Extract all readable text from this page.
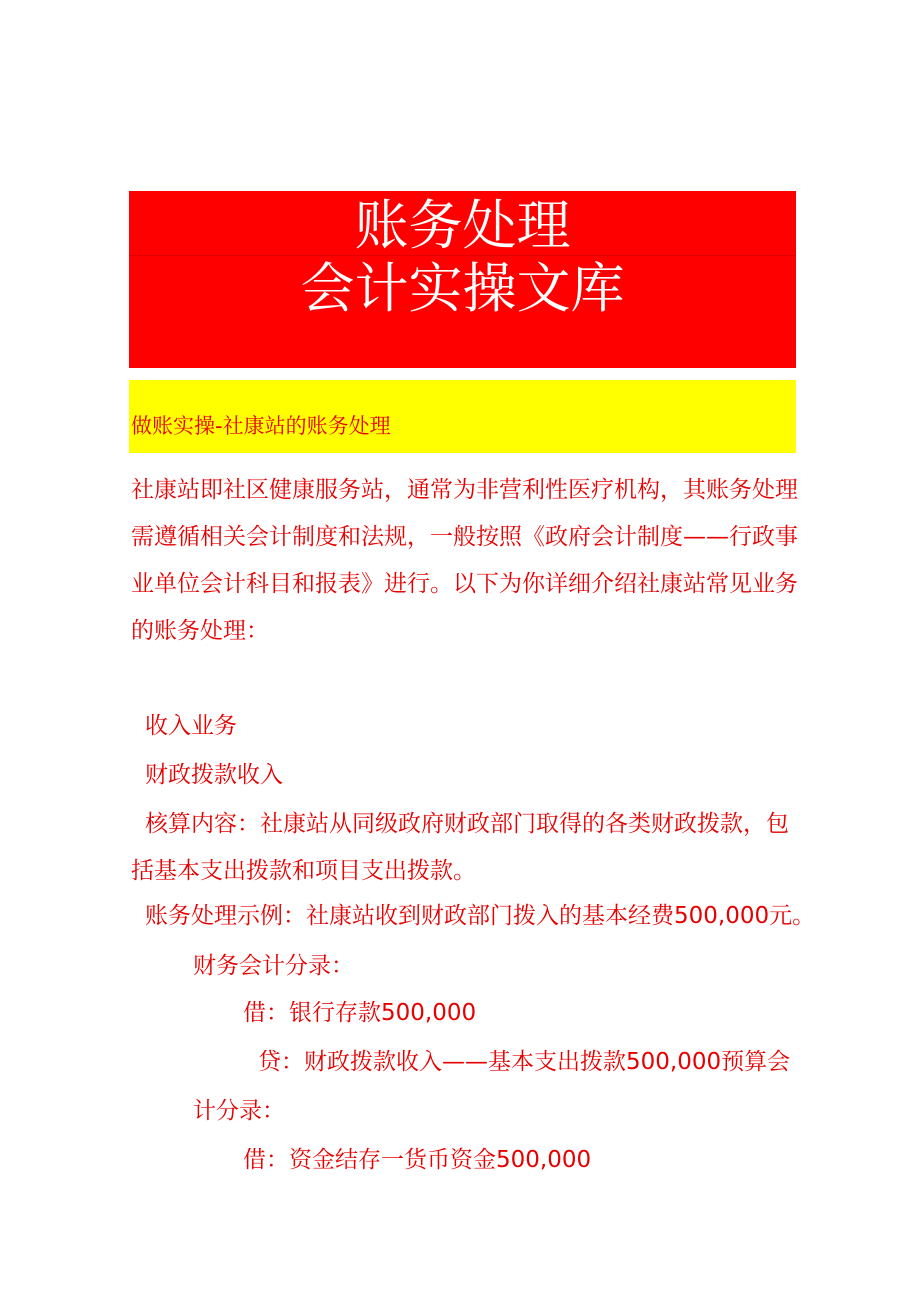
账务处理
会计实操文库
做账实操-社康站的账务处理
社康站即社区健康服务站，通常为非营利性医疗机构，其账务处理需遵循相关会计制度和法规，一般按照《政府会计制度——行政事业单位会计科目和报表》进行。以下为你详细介绍社康站常见业务的账务处理：
收入业务
财政拨款收入
核算内容：社康站从同级政府财政部门取得的各类财政拨款，包
括基本支出拨款和项目支出拨款。
账务处理示例：社康站收到财政部门拨入的基本经费500,000元。
财务会计分录：
借：银行存款500,000
贷：财政拨款收入——基本支出拨款500,000预算会
计分录：
借：资金结存一货币资金500,000
